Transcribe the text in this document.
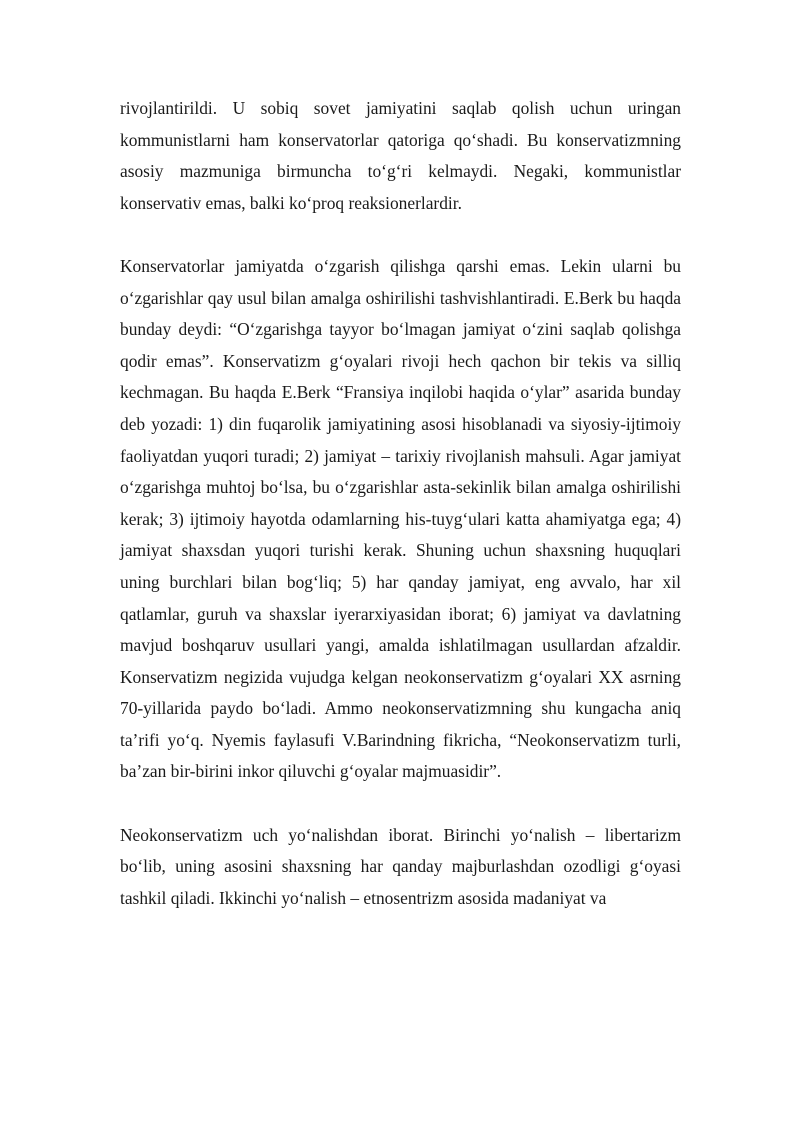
rivojlantirildi. U sobiq sovet jamiyatini saqlab qolish uchun uringan kommunistlarni ham konservatorlar qatoriga qo‘shadi. Bu konservatizmning asosiy mazmuniga birmuncha to‘g‘ri kelmaydi. Negaki, kommunistlar konservativ emas, balki ko‘proq reaksionerlardir.

Konservatorlar jamiyatda o‘zgarish qilishga qarshi emas. Lekin ularni bu o‘zgarishlar qay usul bilan amalga oshirilishi tashvishlantiradi. E.Berk bu haqda bunday deydi: “O‘zgarishga tayyor bo‘lmagan jamiyat o‘zini saqlab qolishga qodir emas”. Konservatizm g‘oyalari rivoji hech qachon bir tekis va silliq kechmagan. Bu haqda E.Berk “Fransiya inqilobi haqida o‘ylar” asarida bunday deb yozadi: 1) din fuqarolik jamiyatining asosi hisoblanadi va siyosiy-ijtimoiy faoliyatdan yuqori turadi; 2) jamiyat – tarixiy rivojlanish mahsuli. Agar jamiyat o‘zgarishga muhtoj bo‘lsa, bu o‘zgarishlar asta-sekinlik bilan amalga oshirilishi kerak; 3) ijtimoiy hayotda odamlarning his-tuyg‘ulari katta ahamiyatga ega; 4) jamiyat shaxsdan yuqori turishi kerak. Shuning uchun shaxsning huquqlari uning burchlari bilan bog‘liq; 5) har qanday jamiyat, eng avvalo, har xil qatlamlar, guruh va shaxslar iyerarxiyasidan iborat; 6) jamiyat va davlatning mavjud boshqaruv usullari yangi, amalda ishlatilmagan usullardan afzaldir. Konservatizm negizida vujudga kelgan neokonservatizm g‘oyalari XX asrning 70-yillarida paydo bo‘ladi. Ammo neokonservatizmning shu kungacha aniq ta’rifi yo‘q. Nyemis faylasufi V.Barindning fikricha, “Neokonservatizm turli, ba’zan bir-birini inkor qiluvchi g‘oyalar majmuasidir”.

Neokonservatizm uch yo‘nalishdan iborat. Birinchi yo‘nalish – libertarizm bo‘lib, uning asosini shaxsning har qanday majburlashdan ozodligi g‘oyasi tashkil qiladi. Ikkinchi yo‘nalish – etnosentrizm asosida madaniyat va
